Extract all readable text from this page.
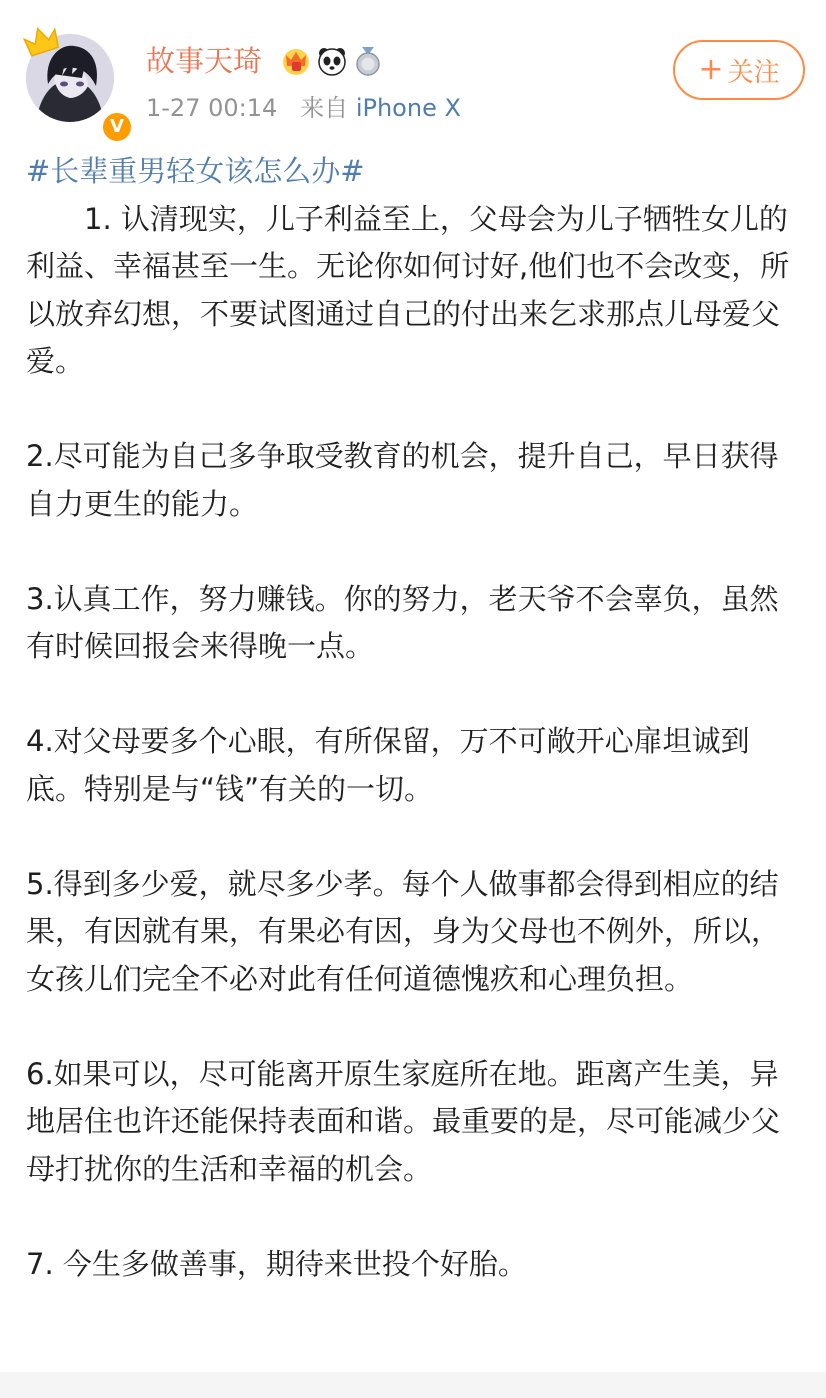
V
故事天琦
1-27 00:14 来自 iPhone X
+ 关注
#长辈重男轻女该怎么办#

1. 认清现实，儿子利益至上，父母会为儿子牺牲女儿的利益、幸福甚至一生。无论你如何讨好,他们也不会改变，所以放弃幻想，不要试图通过自己的付出来乞求那点儿母爱父爱。

2.尽可能为自己多争取受教育的机会，提升自己，早日获得自力更生的能力。

3.认真工作，努力赚钱。你的努力，老天爷不会辜负，虽然有时候回报会来得晚一点。

4.对父母要多个心眼，有所保留，万不可敞开心扉坦诚到底。特别是与“钱”有关的一切。

5.得到多少爱，就尽多少孝。每个人做事都会得到相应的结果，有因就有果，有果必有因，身为父母也不例外，所以，女孩儿们完全不必对此有任何道德愧疚和心理负担。

6.如果可以，尽可能离开原生家庭所在地。距离产生美，异地居住也许还能保持表面和谐。最重要的是，尽可能减少父母打扰你的生活和幸福的机会。

7. 今生多做善事，期待来世投个好胎。
